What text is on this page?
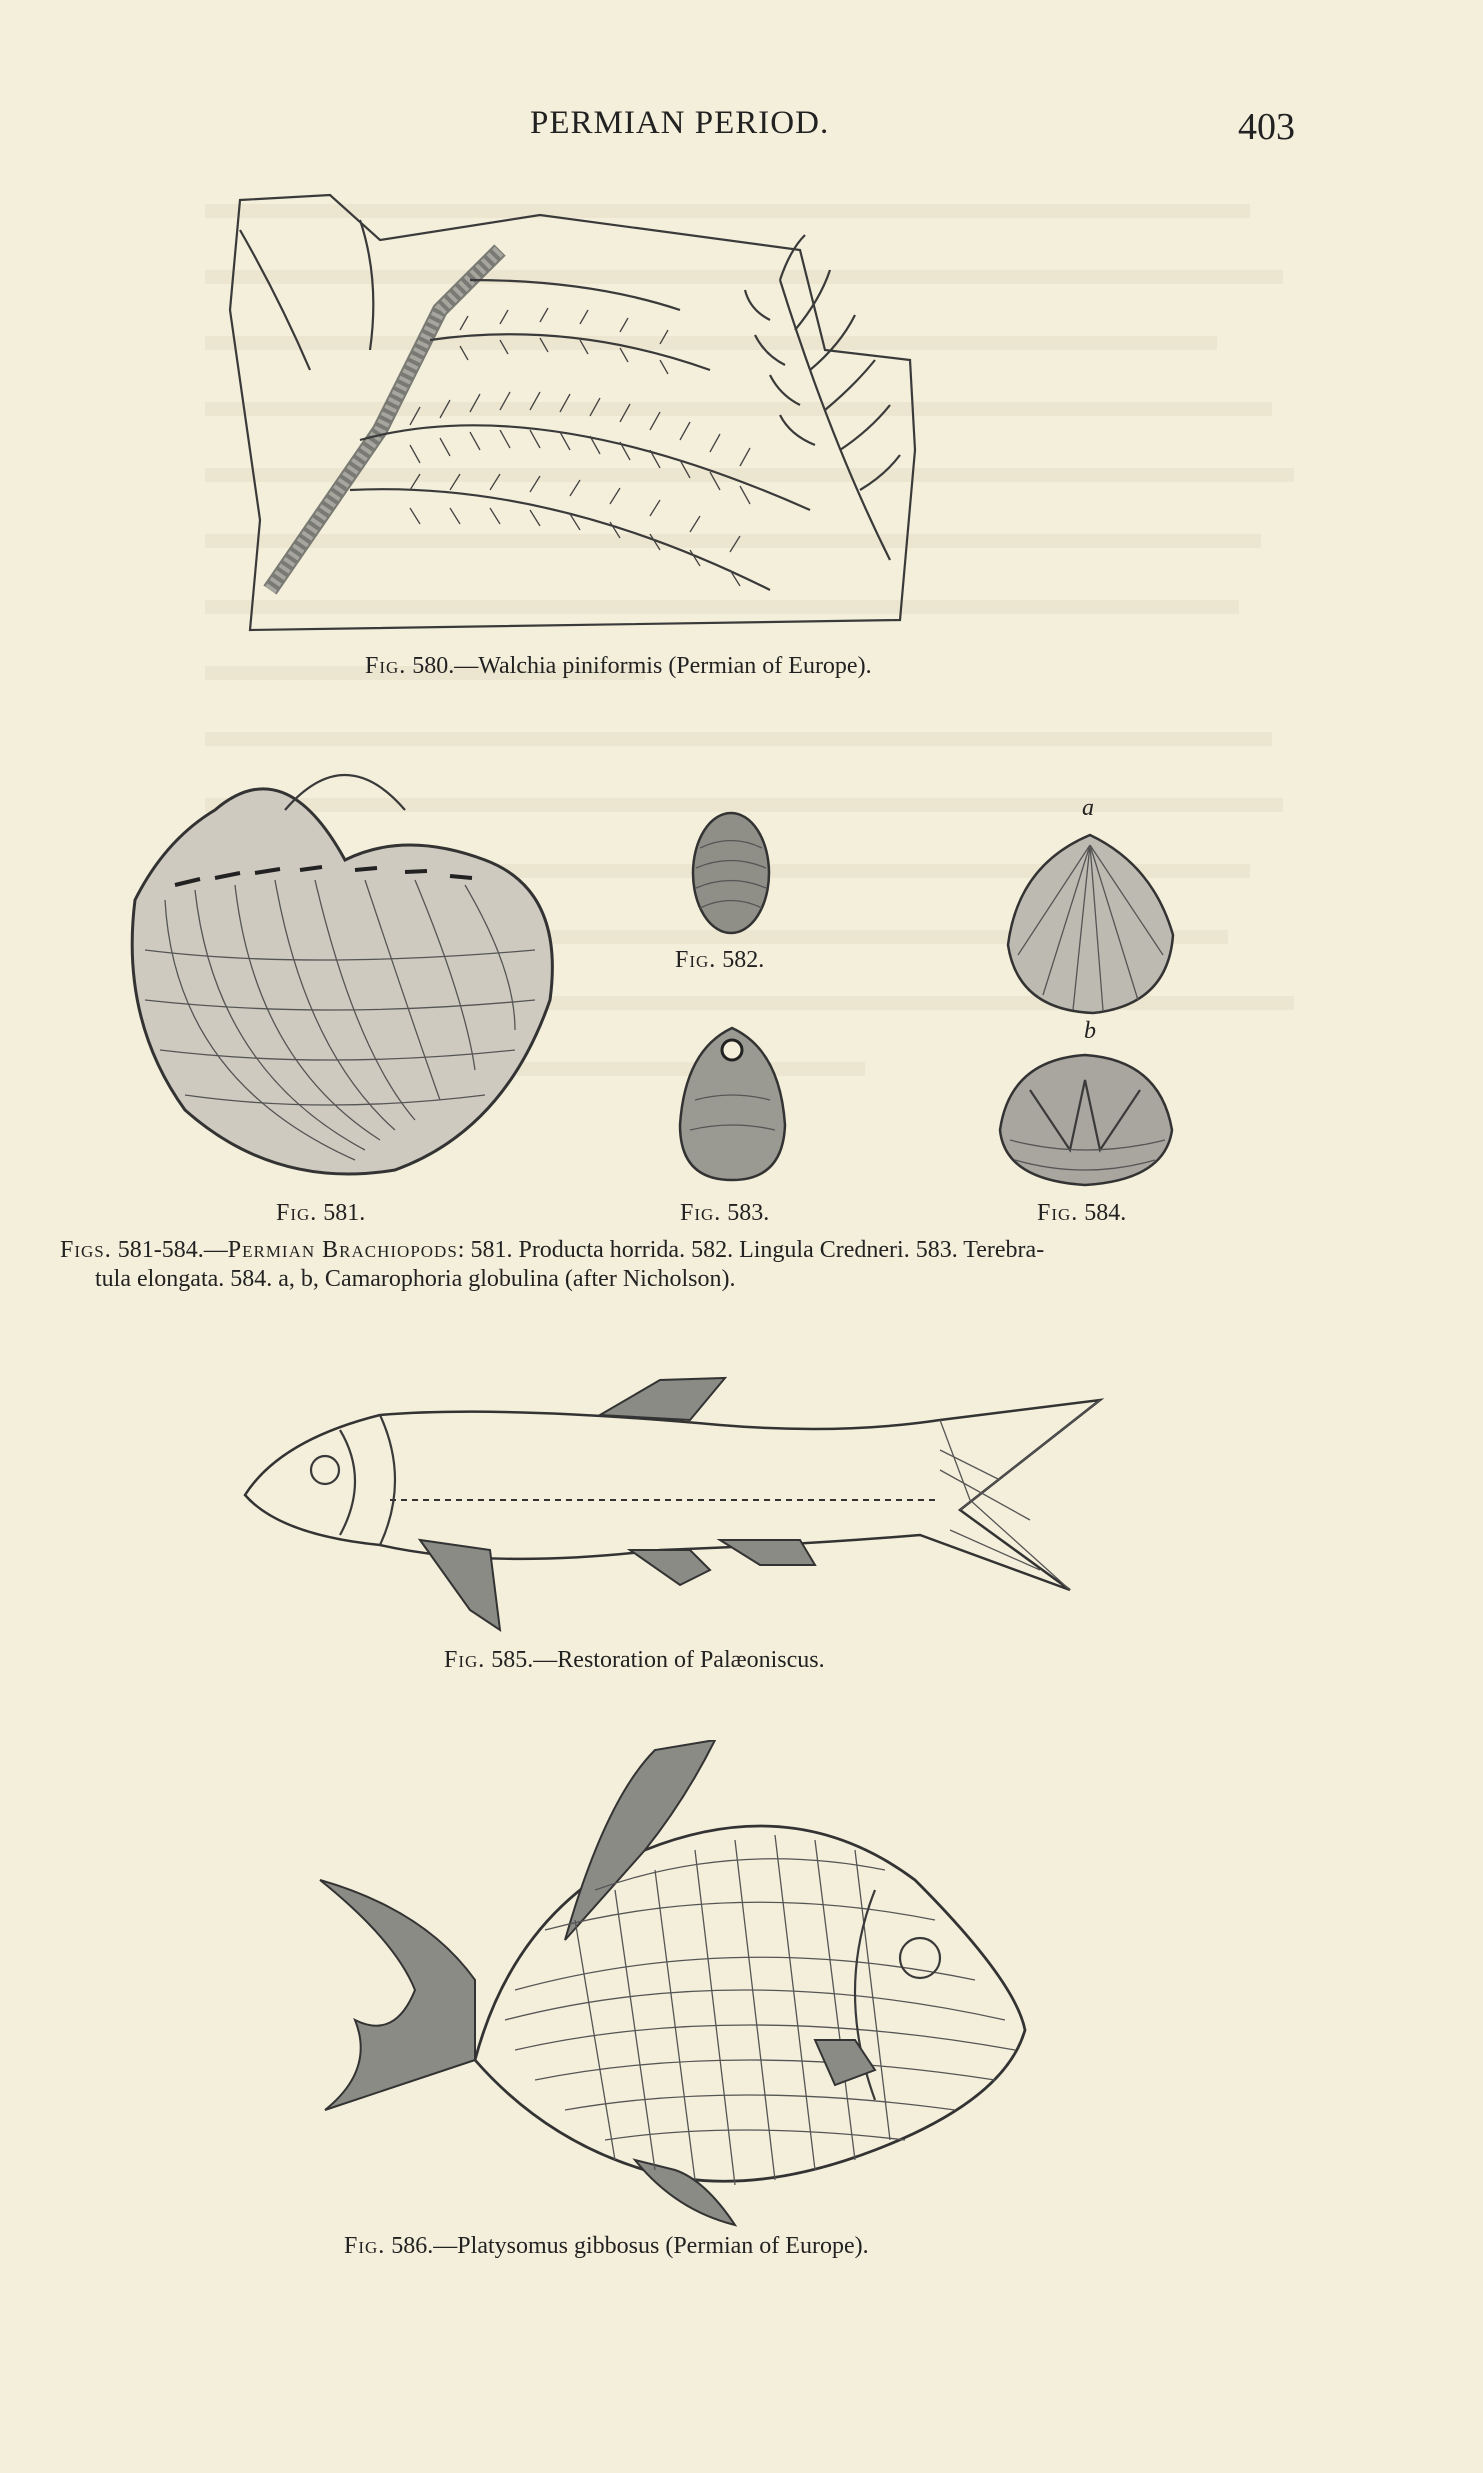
PERMIAN PERIOD.	403
Fig. 580.—Walchia piniformis (Permian of Europe).
Fig. 581.
Fig. 582.
Fig. 583.
a
b
Fig. 584.
Figs. 581-584.—Permian Brachiopods: 581. Producta horrida. 582. Lingula Credneri. 583. Terebra-
tula elongata. 584. a, b, Camarophoria globulina (after Nicholson).
Fig. 585.—Restoration of Palæoniscus.
Fig. 586.—Platysomus gibbosus (Permian of Europe).
